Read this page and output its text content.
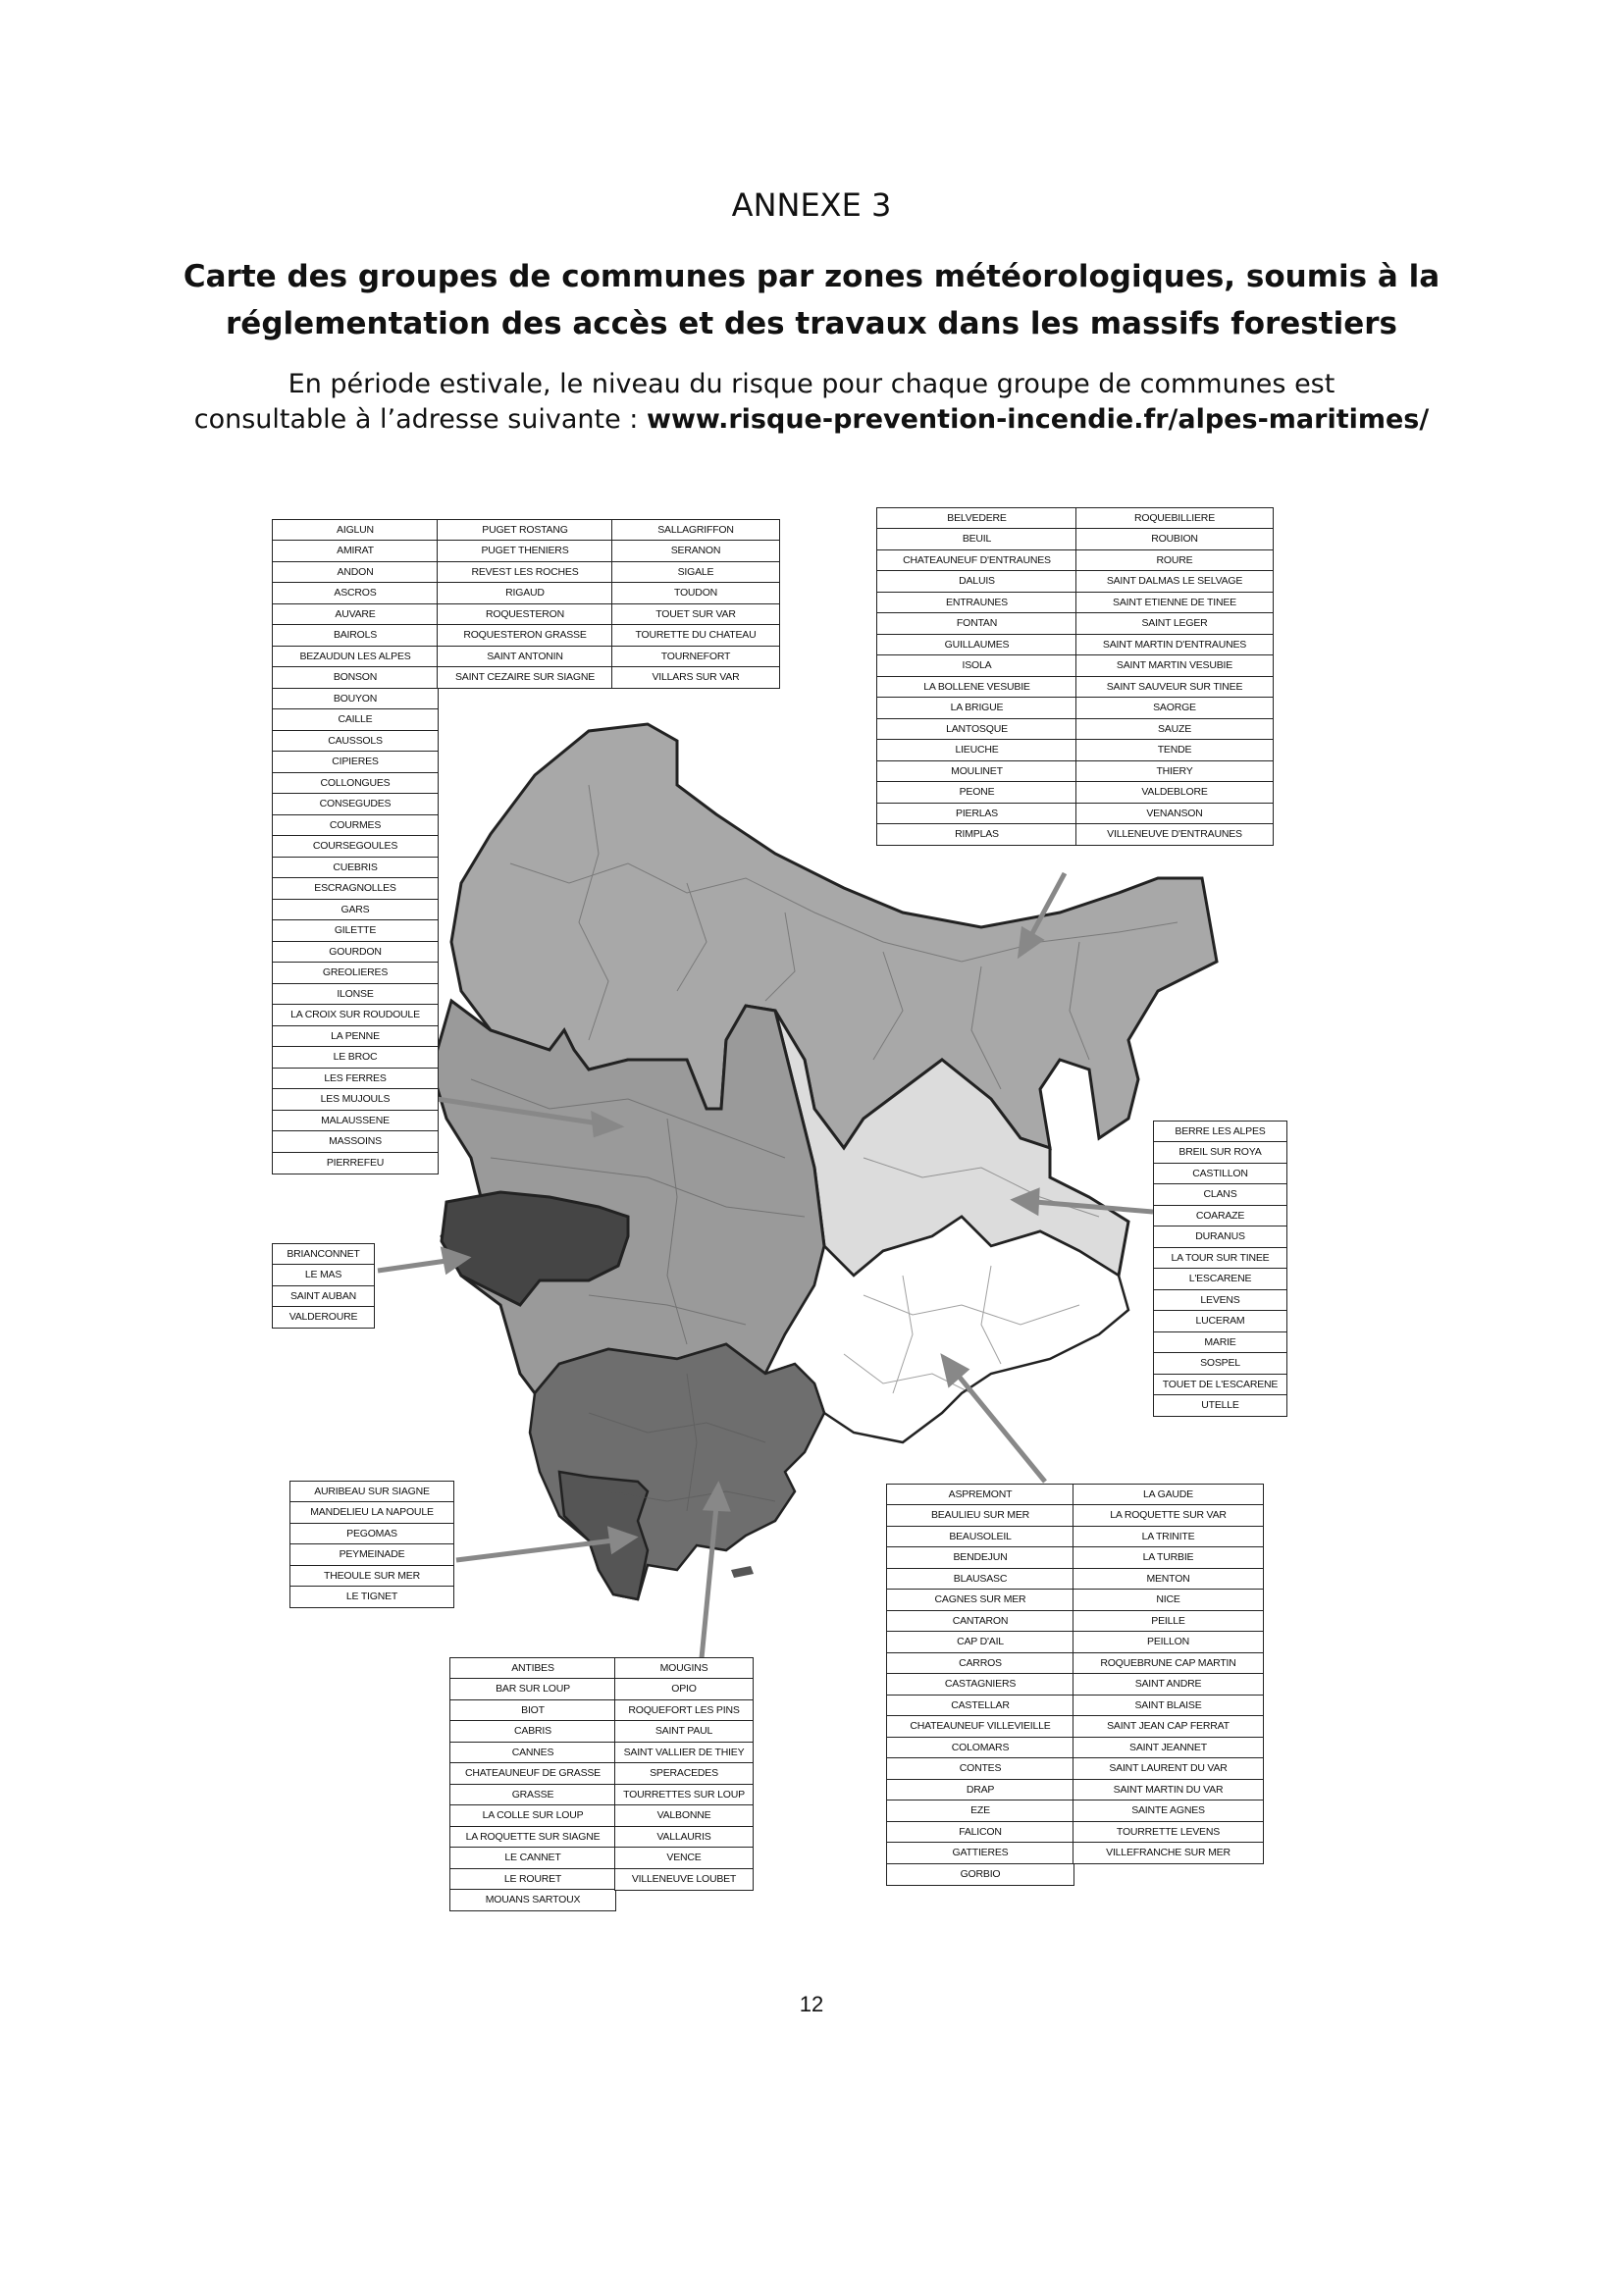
ANNEXE 3
Carte des groupes de communes par zones météorologiques, soumis à la
réglementation des accès et des travaux dans les massifs forestiers
En période estivale, le niveau du risque pour chaque groupe de communes est
consultable à l’adresse suivante : www.risque-prevention-incendie.fr/alpes-maritimes/
AIGLUN
AMIRAT
ANDON
ASCROS
AUVARE
BAIROLS
BEZAUDUN LES ALPES
BONSON
BOUYON
CAILLE
CAUSSOLS
CIPIERES
COLLONGUES
CONSEGUDES
COURMES
COURSEGOULES
CUEBRIS
ESCRAGNOLLES
GARS
GILETTE
GOURDON
GREOLIERES
ILONSE
LA CROIX SUR ROUDOULE
LA PENNE
LE BROC
LES FERRES
LES MUJOULS
MALAUSSENE
MASSOINS
PIERREFEU
PUGET ROSTANG
PUGET THENIERS
REVEST LES ROCHES
RIGAUD
ROQUESTERON
ROQUESTERON GRASSE
SAINT ANTONIN
SAINT CEZAIRE SUR SIAGNE
SALLAGRIFFON
SERANON
SIGALE
TOUDON
TOUET SUR VAR
TOURETTE DU CHATEAU
TOURNEFORT
VILLARS SUR VAR
BELVEDERE
BEUIL
CHATEAUNEUF D'ENTRAUNES
DALUIS
ENTRAUNES
FONTAN
GUILLAUMES
ISOLA
LA BOLLENE VESUBIE
LA BRIGUE
LANTOSQUE
LIEUCHE
MOULINET
PEONE
PIERLAS
RIMPLAS
ROQUEBILLIERE
ROUBION
ROURE
SAINT DALMAS LE SELVAGE
SAINT ETIENNE DE TINEE
SAINT LEGER
SAINT MARTIN D'ENTRAUNES
SAINT MARTIN VESUBIE
SAINT SAUVEUR SUR TINEE
SAORGE
SAUZE
TENDE
THIERY
VALDEBLORE
VENANSON
VILLENEUVE D'ENTRAUNES
BRIANCONNET
LE MAS
SAINT AUBAN
VALDEROURE
BERRE LES ALPES
BREIL SUR ROYA
CASTILLON
CLANS
COARAZE
DURANUS
LA TOUR SUR TINEE
L'ESCARENE
LEVENS
LUCERAM
MARIE
SOSPEL
TOUET DE L'ESCARENE
UTELLE
AURIBEAU SUR SIAGNE
MANDELIEU LA NAPOULE
PEGOMAS
PEYMEINADE
THEOULE SUR MER
LE TIGNET
ANTIBES
BAR SUR LOUP
BIOT
CABRIS
CANNES
CHATEAUNEUF DE GRASSE
GRASSE
LA COLLE SUR LOUP
LA ROQUETTE SUR SIAGNE
LE CANNET
LE ROURET
MOUANS SARTOUX
MOUGINS
OPIO
ROQUEFORT LES PINS
SAINT PAUL
SAINT VALLIER DE THIEY
SPERACEDES
TOURRETTES SUR LOUP
VALBONNE
VALLAURIS
VENCE
VILLENEUVE LOUBET
ASPREMONT
BEAULIEU SUR MER
BEAUSOLEIL
BENDEJUN
BLAUSASC
CAGNES SUR MER
CANTARON
CAP D'AIL
CARROS
CASTAGNIERS
CASTELLAR
CHATEAUNEUF VILLEVIEILLE
COLOMARS
CONTES
DRAP
EZE
FALICON
GATTIERES
GORBIO
LA GAUDE
LA ROQUETTE SUR VAR
LA TRINITE
LA TURBIE
MENTON
NICE
PEILLE
PEILLON
ROQUEBRUNE CAP MARTIN
SAINT ANDRE
SAINT BLAISE
SAINT JEAN CAP FERRAT
SAINT JEANNET
SAINT LAURENT DU VAR
SAINT MARTIN DU VAR
SAINTE AGNES
TOURRETTE LEVENS
VILLEFRANCHE SUR MER
12
